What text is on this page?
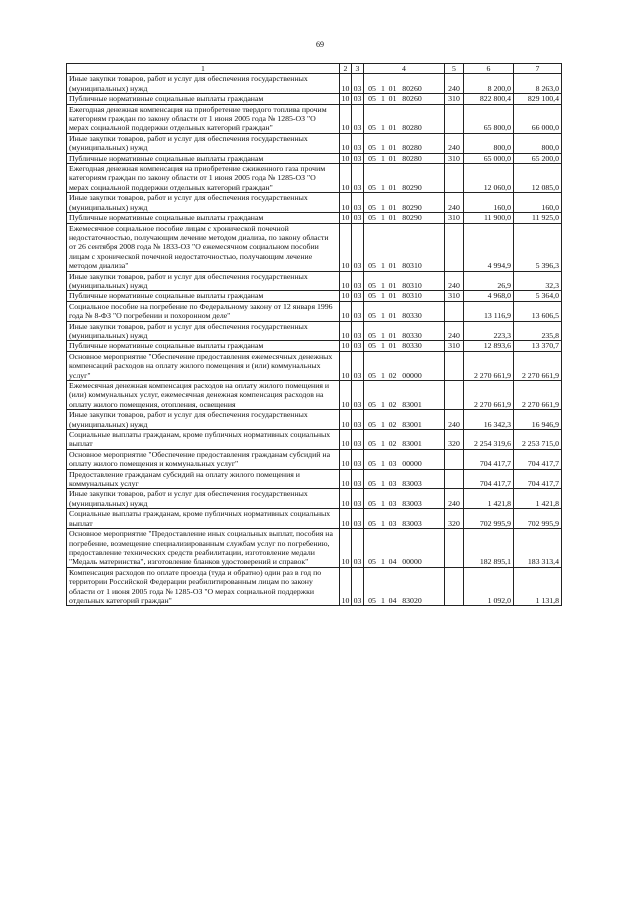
69
1	2	3	4	5	6	7
Иные закупки товаров, работ и услуг для обеспечения государственных (муниципальных) нужд	10	03	05 1 01 80260	240	8 200,0	8 263,0
Публичные нормативные социальные выплаты гражданам	10	03	05 1 01 80260	310	822 800,4	829 100,4
Ежегодная денежная компенсация на приобретение твердого топлива прочим категориям граждан по закону области от 1 июня 2005 года № 1285-ОЗ "О мерах социальной поддержки отдельных категорий граждан"	10	03	05 1 01 80280		65 800,0	66 000,0
Иные закупки товаров, работ и услуг для обеспечения государственных (муниципальных) нужд	10	03	05 1 01 80280	240	800,0	800,0
Публичные нормативные социальные выплаты гражданам	10	03	05 1 01 80280	310	65 000,0	65 200,0
Ежегодная денежная компенсация на приобретение сжиженного газа прочим категориям граждан по закону области от 1 июня 2005 года № 1285-ОЗ "О мерах социальной поддержки отдельных категорий граждан"	10	03	05 1 01 80290		12 060,0	12 085,0
Иные закупки товаров, работ и услуг для обеспечения государственных (муниципальных) нужд	10	03	05 1 01 80290	240	160,0	160,0
Публичные нормативные социальные выплаты гражданам	10	03	05 1 01 80290	310	11 900,0	11 925,0
Ежемесячное социальное пособие лицам с хронической почечной недостаточностью, получающим лечение методом диализа, по закону области от 26 сентября 2008 года № 1833-ОЗ "О ежемесячном социальном пособии лицам с хронической почечной недостаточностью, получающим лечение методом диализа"	10	03	05 1 01 80310		4 994,9	5 396,3
Иные закупки товаров, работ и услуг для обеспечения государственных (муниципальных) нужд	10	03	05 1 01 80310	240	26,9	32,3
Публичные нормативные социальные выплаты гражданам	10	03	05 1 01 80310	310	4 968,0	5 364,0
Социальное пособие на погребение по Федеральному закону от 12 января 1996 года № 8-ФЗ "О погребении и похоронном деле"	10	03	05 1 01 80330		13 116,9	13 606,5
Иные закупки товаров, работ и услуг для обеспечения государственных (муниципальных) нужд	10	03	05 1 01 80330	240	223,3	235,8
Публичные нормативные социальные выплаты гражданам	10	03	05 1 01 80330	310	12 893,6	13 370,7
Основное мероприятие "Обеспечение предоставления ежемесячных денежных компенсаций расходов на оплату жилого помещения и (или) коммунальных услуг"	10	03	05 1 02 00000		2 270 661,9	2 270 661,9
Ежемесячная денежная компенсация расходов на оплату жилого помещения и (или) коммунальных услуг, ежемесячная денежная компенсация расходов на оплату жилого помещения, отопления, освещения	10	03	05 1 02 83001		2 270 661,9	2 270 661,9
Иные закупки товаров, работ и услуг для обеспечения государственных (муниципальных) нужд	10	03	05 1 02 83001	240	16 342,3	16 946,9
Социальные выплаты гражданам, кроме публичных нормативных социальных выплат	10	03	05 1 02 83001	320	2 254 319,6	2 253 715,0
Основное мероприятие "Обеспечение предоставления гражданам субсидий на оплату жилого помещения и коммунальных услуг"	10	03	05 1 03 00000		704 417,7	704 417,7
Предоставление гражданам субсидий на оплату жилого помещения и коммунальных услуг	10	03	05 1 03 83003		704 417,7	704 417,7
Иные закупки товаров, работ и услуг для обеспечения государственных (муниципальных) нужд	10	03	05 1 03 83003	240	1 421,8	1 421,8
Социальные выплаты гражданам, кроме публичных нормативных социальных выплат	10	03	05 1 03 83003	320	702 995,9	702 995,9
Основное мероприятие "Предоставление иных социальных выплат, пособия на погребение, возмещение специализированным службам услуг по погребению, предоставление технических средств реабилитации, изготовление медали "Медаль материнства", изготовление бланков удостоверений и справок"	10	03	05 1 04 00000		182 895,1	183 313,4
Компенсация расходов по оплате проезда (туда и обратно) один раз в год по территории Российской Федерации реабилитированным лицам по закону области от 1 июня 2005 года № 1285-ОЗ "О мерах социальной поддержки отдельных категорий граждан"	10	03	05 1 04 83020		1 092,0	1 131,8
